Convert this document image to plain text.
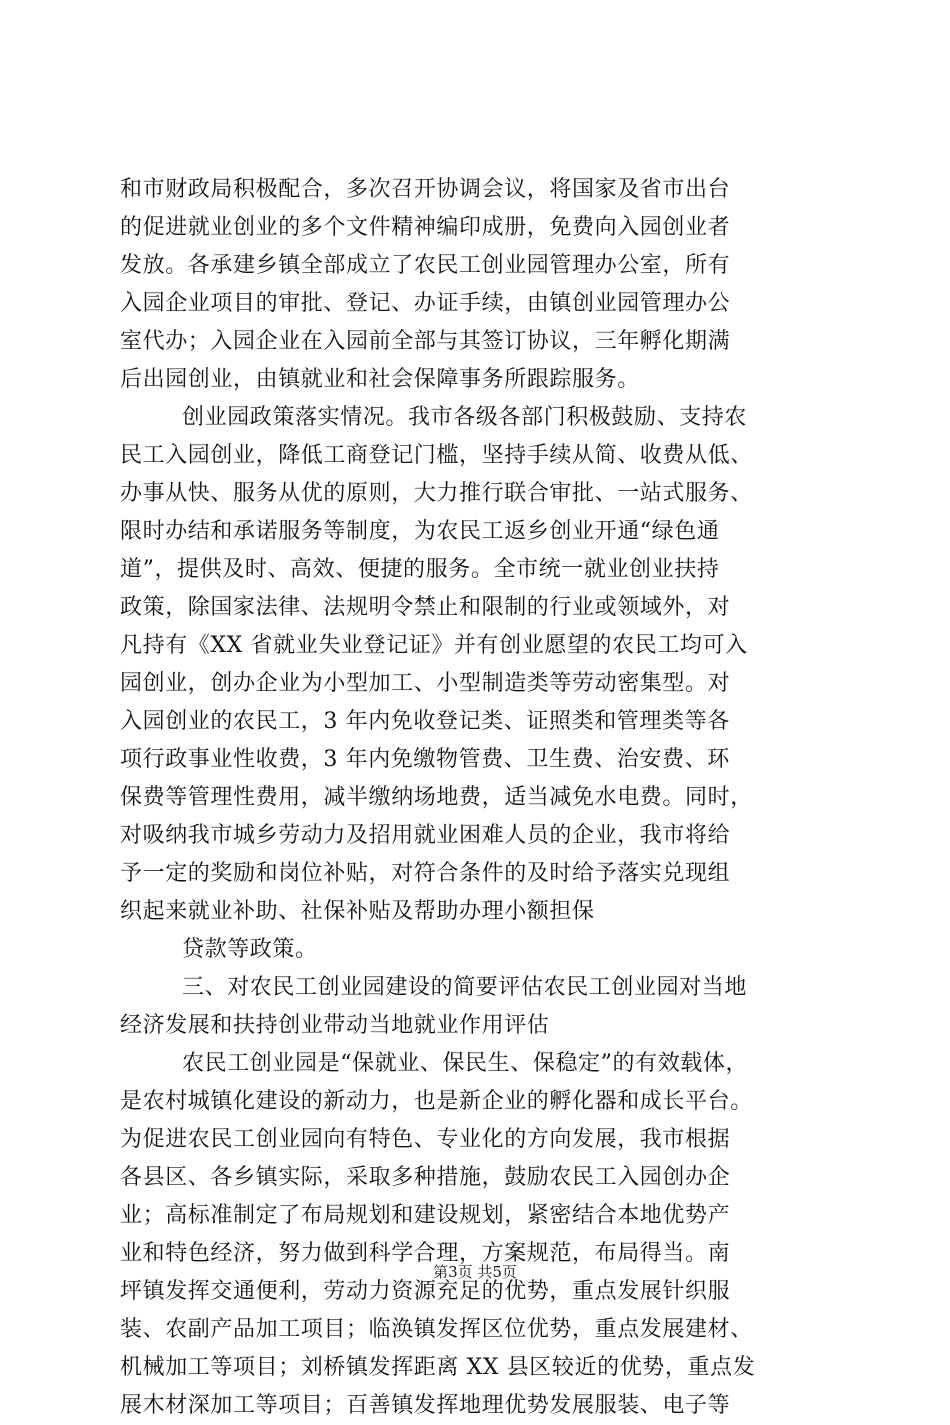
和市财政局积极配合，多次召开协调会议，将国家及省市出台
的促进就业创业的多个文件精神编印成册，免费向入园创业者
发放。各承建乡镇全部成立了农民工创业园管理办公室，所有
入园企业项目的审批、登记、办证手续，由镇创业园管理办公
室代办；入园企业在入园前全部与其签订协议，三年孵化期满
后出园创业，由镇就业和社会保障事务所跟踪服务。
创业园政策落实情况。我市各级各部门积极鼓励、支持农
民工入园创业，降低工商登记门槛，坚持手续从简、收费从低、
办事从快、服务从优的原则，大力推行联合审批、一站式服务、
限时办结和承诺服务等制度，为农民工返乡创业开通“绿色通
道”，提供及时、高效、便捷的服务。全市统一就业创业扶持
政策，除国家法律、法规明令禁止和限制的行业或领域外，对
凡持有《XX 省就业失业登记证》并有创业愿望的农民工均可入
园创业，创办企业为小型加工、小型制造类等劳动密集型。对
入园创业的农民工，3 年内免收登记类、证照类和管理类等各
项行政事业性收费，3 年内免缴物管费、卫生费、治安费、环
保费等管理性费用，减半缴纳场地费，适当减免水电费。同时，
对吸纳我市城乡劳动力及招用就业困难人员的企业，我市将给
予一定的奖励和岗位补贴，对符合条件的及时给予落实兑现组
织起来就业补助、社保补贴及帮助办理小额担保
贷款等政策。
三、对农民工创业园建设的简要评估农民工创业园对当地
经济发展和扶持创业带动当地就业作用评估
农民工创业园是“保就业、保民生、保稳定”的有效载体，
是农村城镇化建设的新动力，也是新企业的孵化器和成长平台。
为促进农民工创业园向有特色、专业化的方向发展，我市根据
各县区、各乡镇实际，采取多种措施，鼓励农民工入园创办企
业；高标准制定了布局规划和建设规划，紧密结合本地优势产
业和特色经济，努力做到科学合理，方案规范，布局得当。南
坪镇发挥交通便利，劳动力资源充足的优势，重点发展针织服
装、农副产品加工项目；临涣镇发挥区位优势，重点发展建材、
机械加工等项目；刘桥镇发挥距离 XX 县区较近的优势，重点发
展木材深加工等项目；百善镇发挥地理优势发展服装、电子等
第3页 共5页
